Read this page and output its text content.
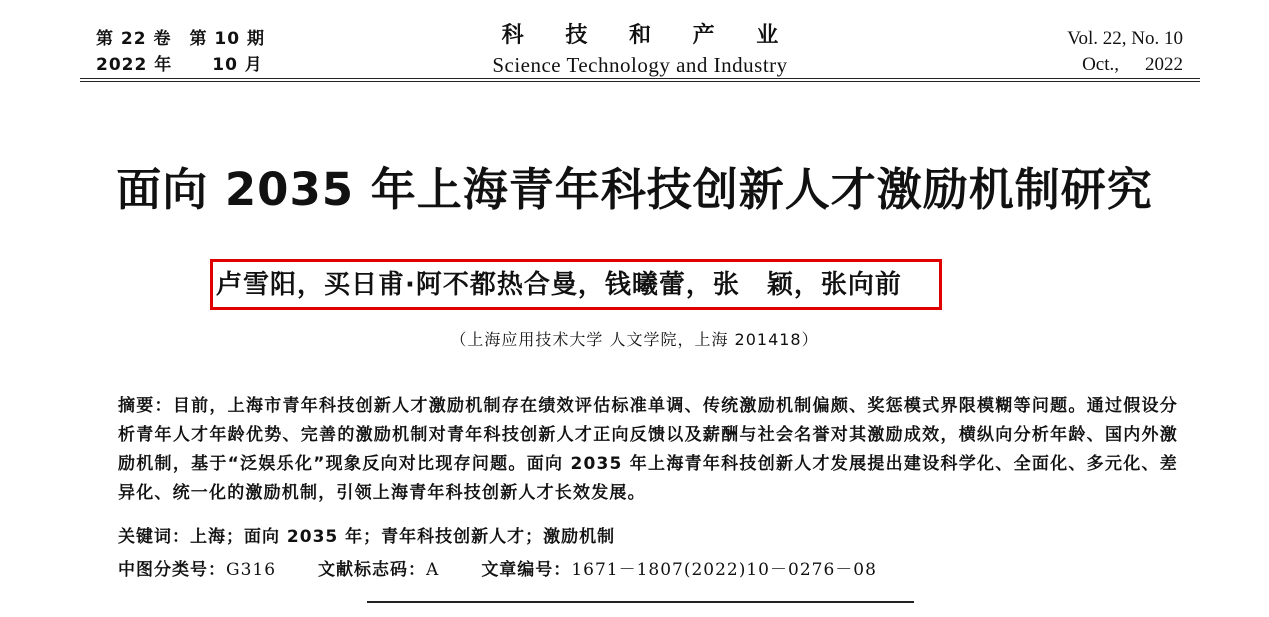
第 22 卷 第 10 期
2022 年 10 月
科 技 和 产 业
Science Technology and Industry
Vol. 22, No. 10
Oct., 2022
面向 2035 年上海青年科技创新人才激励机制研究
卢雪阳，买日甫·阿不都热合曼，钱曦蕾，张　颖，张向前
（上海应用技术大学 人文学院，上海 201418）
摘要：目前，上海市青年科技创新人才激励机制存在绩效评估标准单调、传统激励机制偏颇、奖惩模式界限模糊等问题。通过假设分析青年人才年龄优势、完善的激励机制对青年科技创新人才正向反馈以及薪酬与社会名誉对其激励成效，横纵向分析年龄、国内外激励机制，基于“泛娱乐化”现象反向对比现存问题。面向 2035 年上海青年科技创新人才发展提出建设科学化、全面化、多元化、差异化、统一化的激励机制，引领上海青年科技创新人才长效发展。
关键词：上海；面向 2035 年；青年科技创新人才；激励机制
中图分类号：G316 文献标志码：A 文章编号：1671－1807(2022)10－0276－08
